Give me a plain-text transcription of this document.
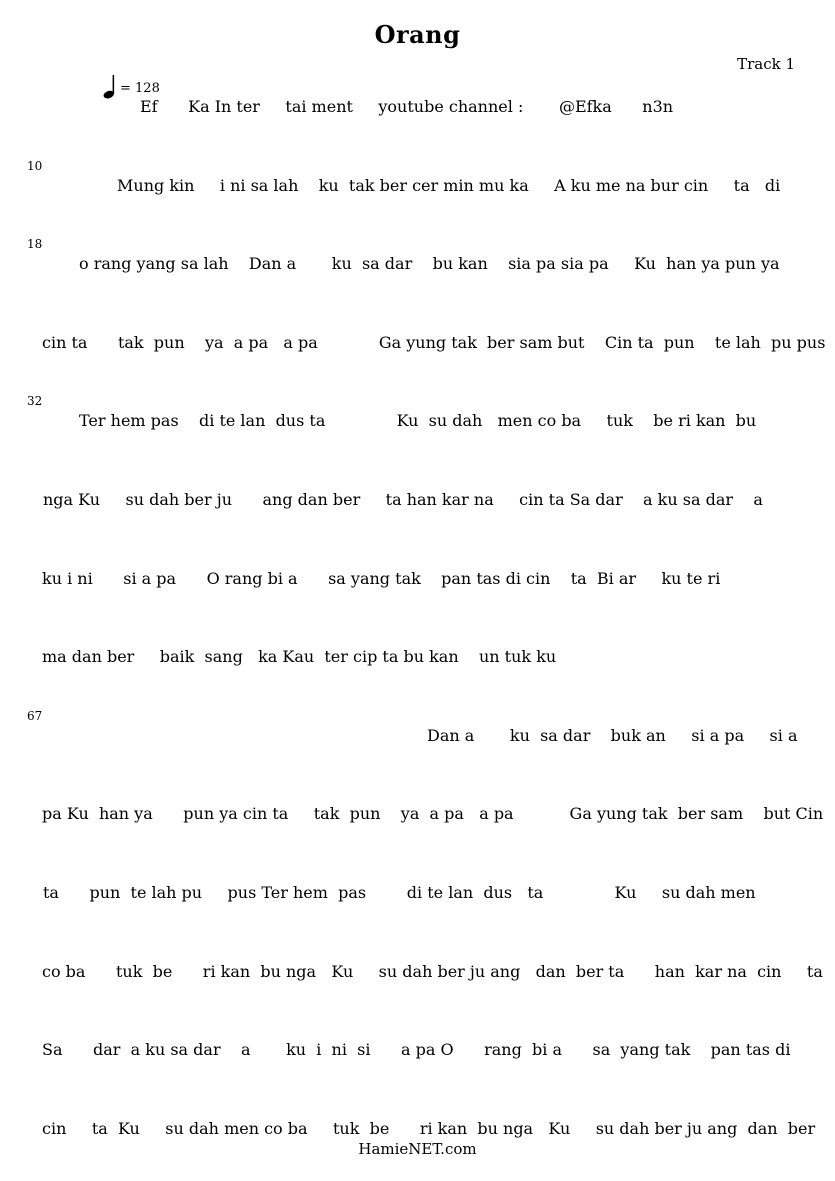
Orang
Track 1
= 128
Ef      Ka In ter     tai ment     youtube channel :       @Efka      n3n
10
Mung kin     i ni sa lah    ku  tak ber cer min mu ka     A ku me na bur cin     ta   di
18
o rang yang sa lah    Dan a       ku  sa dar    bu kan    sia pa sia pa     Ku  han ya pun ya
cin ta      tak  pun    ya  a pa   a pa            Ga yung tak  ber sam but    Cin ta  pun    te lah  pu pus
32
Ter hem pas    di te lan  dus ta              Ku  su dah   men co ba     tuk    be ri kan  bu
nga Ku     su dah ber ju      ang dan ber     ta han kar na     cin ta Sa dar    a ku sa dar    a
ku i ni      si a pa      O rang bi a      sa yang tak    pan tas di cin    ta  Bi ar     ku te ri
ma dan ber     baik  sang   ka Kau  ter cip ta bu kan    un tuk ku
67
Dan a       ku  sa dar    buk an     si a pa     si a
pa Ku  han ya      pun ya cin ta     tak  pun    ya  a pa   a pa           Ga yung tak  ber sam    but Cin
ta      pun  te lah pu     pus Ter hem  pas        di te lan  dus   ta              Ku     su dah men
co ba      tuk  be      ri kan  bu nga   Ku     su dah ber ju ang   dan  ber ta      han  kar na  cin     ta
Sa      dar  a ku sa dar    a       ku  i  ni  si      a pa O      rang  bi a      sa  yang tak    pan tas di
cin     ta  Ku     su dah men co ba     tuk  be      ri kan  bu nga   Ku     su dah ber ju ang  dan  ber
HamieNET.com
